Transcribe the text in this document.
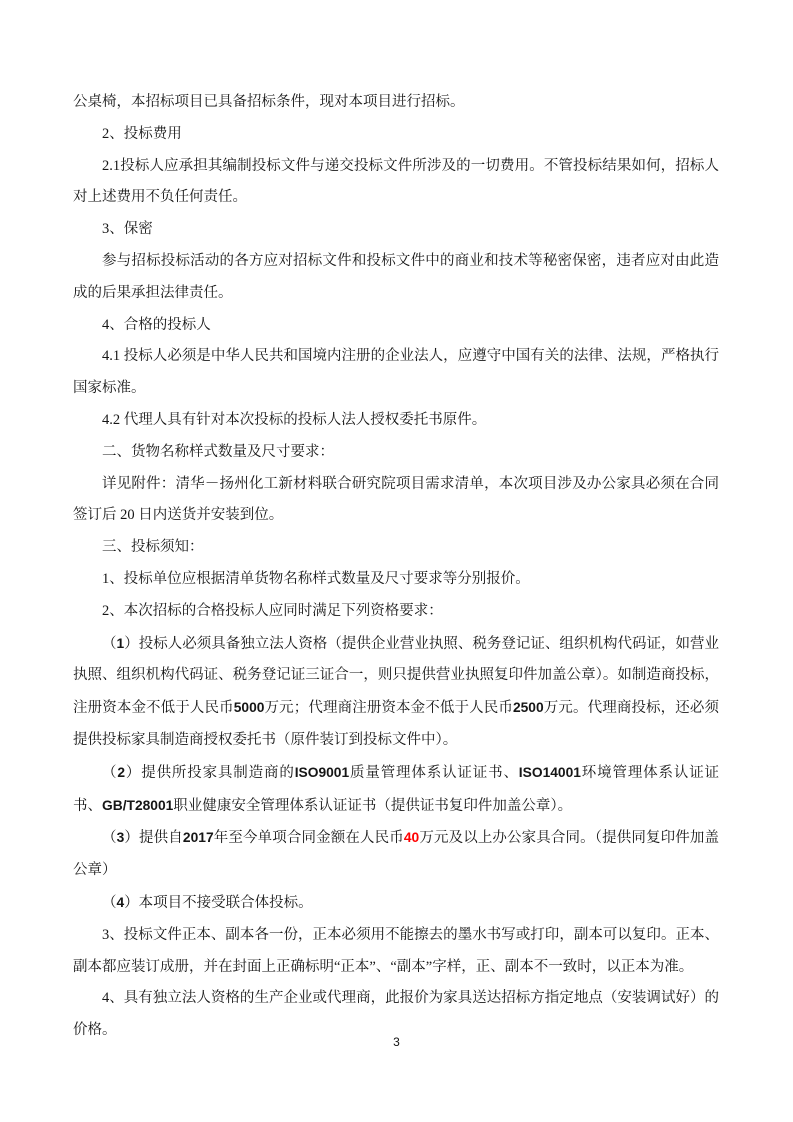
公桌椅，本招标项目已具备招标条件，现对本项目进行招标。

2、投标费用

2.1投标人应承担其编制投标文件与递交投标文件所涉及的一切费用。不管投标结果如何，招标人对上述费用不负任何责任。

3、保密

参与招标投标活动的各方应对招标文件和投标文件中的商业和技术等秘密保密，违者应对由此造成的后果承担法律责任。

4、合格的投标人

4.1 投标人必须是中华人民共和国境内注册的企业法人，应遵守中国有关的法律、法规，严格执行国家标准。

4.2 代理人具有针对本次投标的投标人法人授权委托书原件。

二、货物名称样式数量及尺寸要求：

详见附件：清华－扬州化工新材料联合研究院项目需求清单，本次项目涉及办公家具必须在合同签订后 20 日内送货并安装到位。

三、投标须知：

1、投标单位应根据清单货物名称样式数量及尺寸要求等分别报价。

2、本次招标的合格投标人应同时满足下列资格要求：

（1）投标人必须具备独立法人资格（提供企业营业执照、税务登记证、组织机构代码证，如营业执照、组织机构代码证、税务登记证三证合一，则只提供营业执照复印件加盖公章）。如制造商投标，注册资本金不低于人民币5000万元；代理商注册资本金不低于人民币2500万元。代理商投标，还必须提供投标家具制造商授权委托书（原件装订到投标文件中）。

（2）提供所投家具制造商的ISO9001质量管理体系认证证书、ISO14001环境管理体系认证证书、GB/T28001职业健康安全管理体系认证证书（提供证书复印件加盖公章）。

（3）提供自2017年至今单项合同金额在人民币40万元及以上办公家具合同。（提供同复印件加盖公章）

（4）本项目不接受联合体投标。

3、投标文件正本、副本各一份，正本必须用不能擦去的墨水书写或打印，副本可以复印。正本、副本都应装订成册，并在封面上正确标明“正本”、“副本”字样，正、副本不一致时，以正本为准。

4、具有独立法人资格的生产企业或代理商，此报价为家具送达招标方指定地点（安装调试好）的价格。

3
